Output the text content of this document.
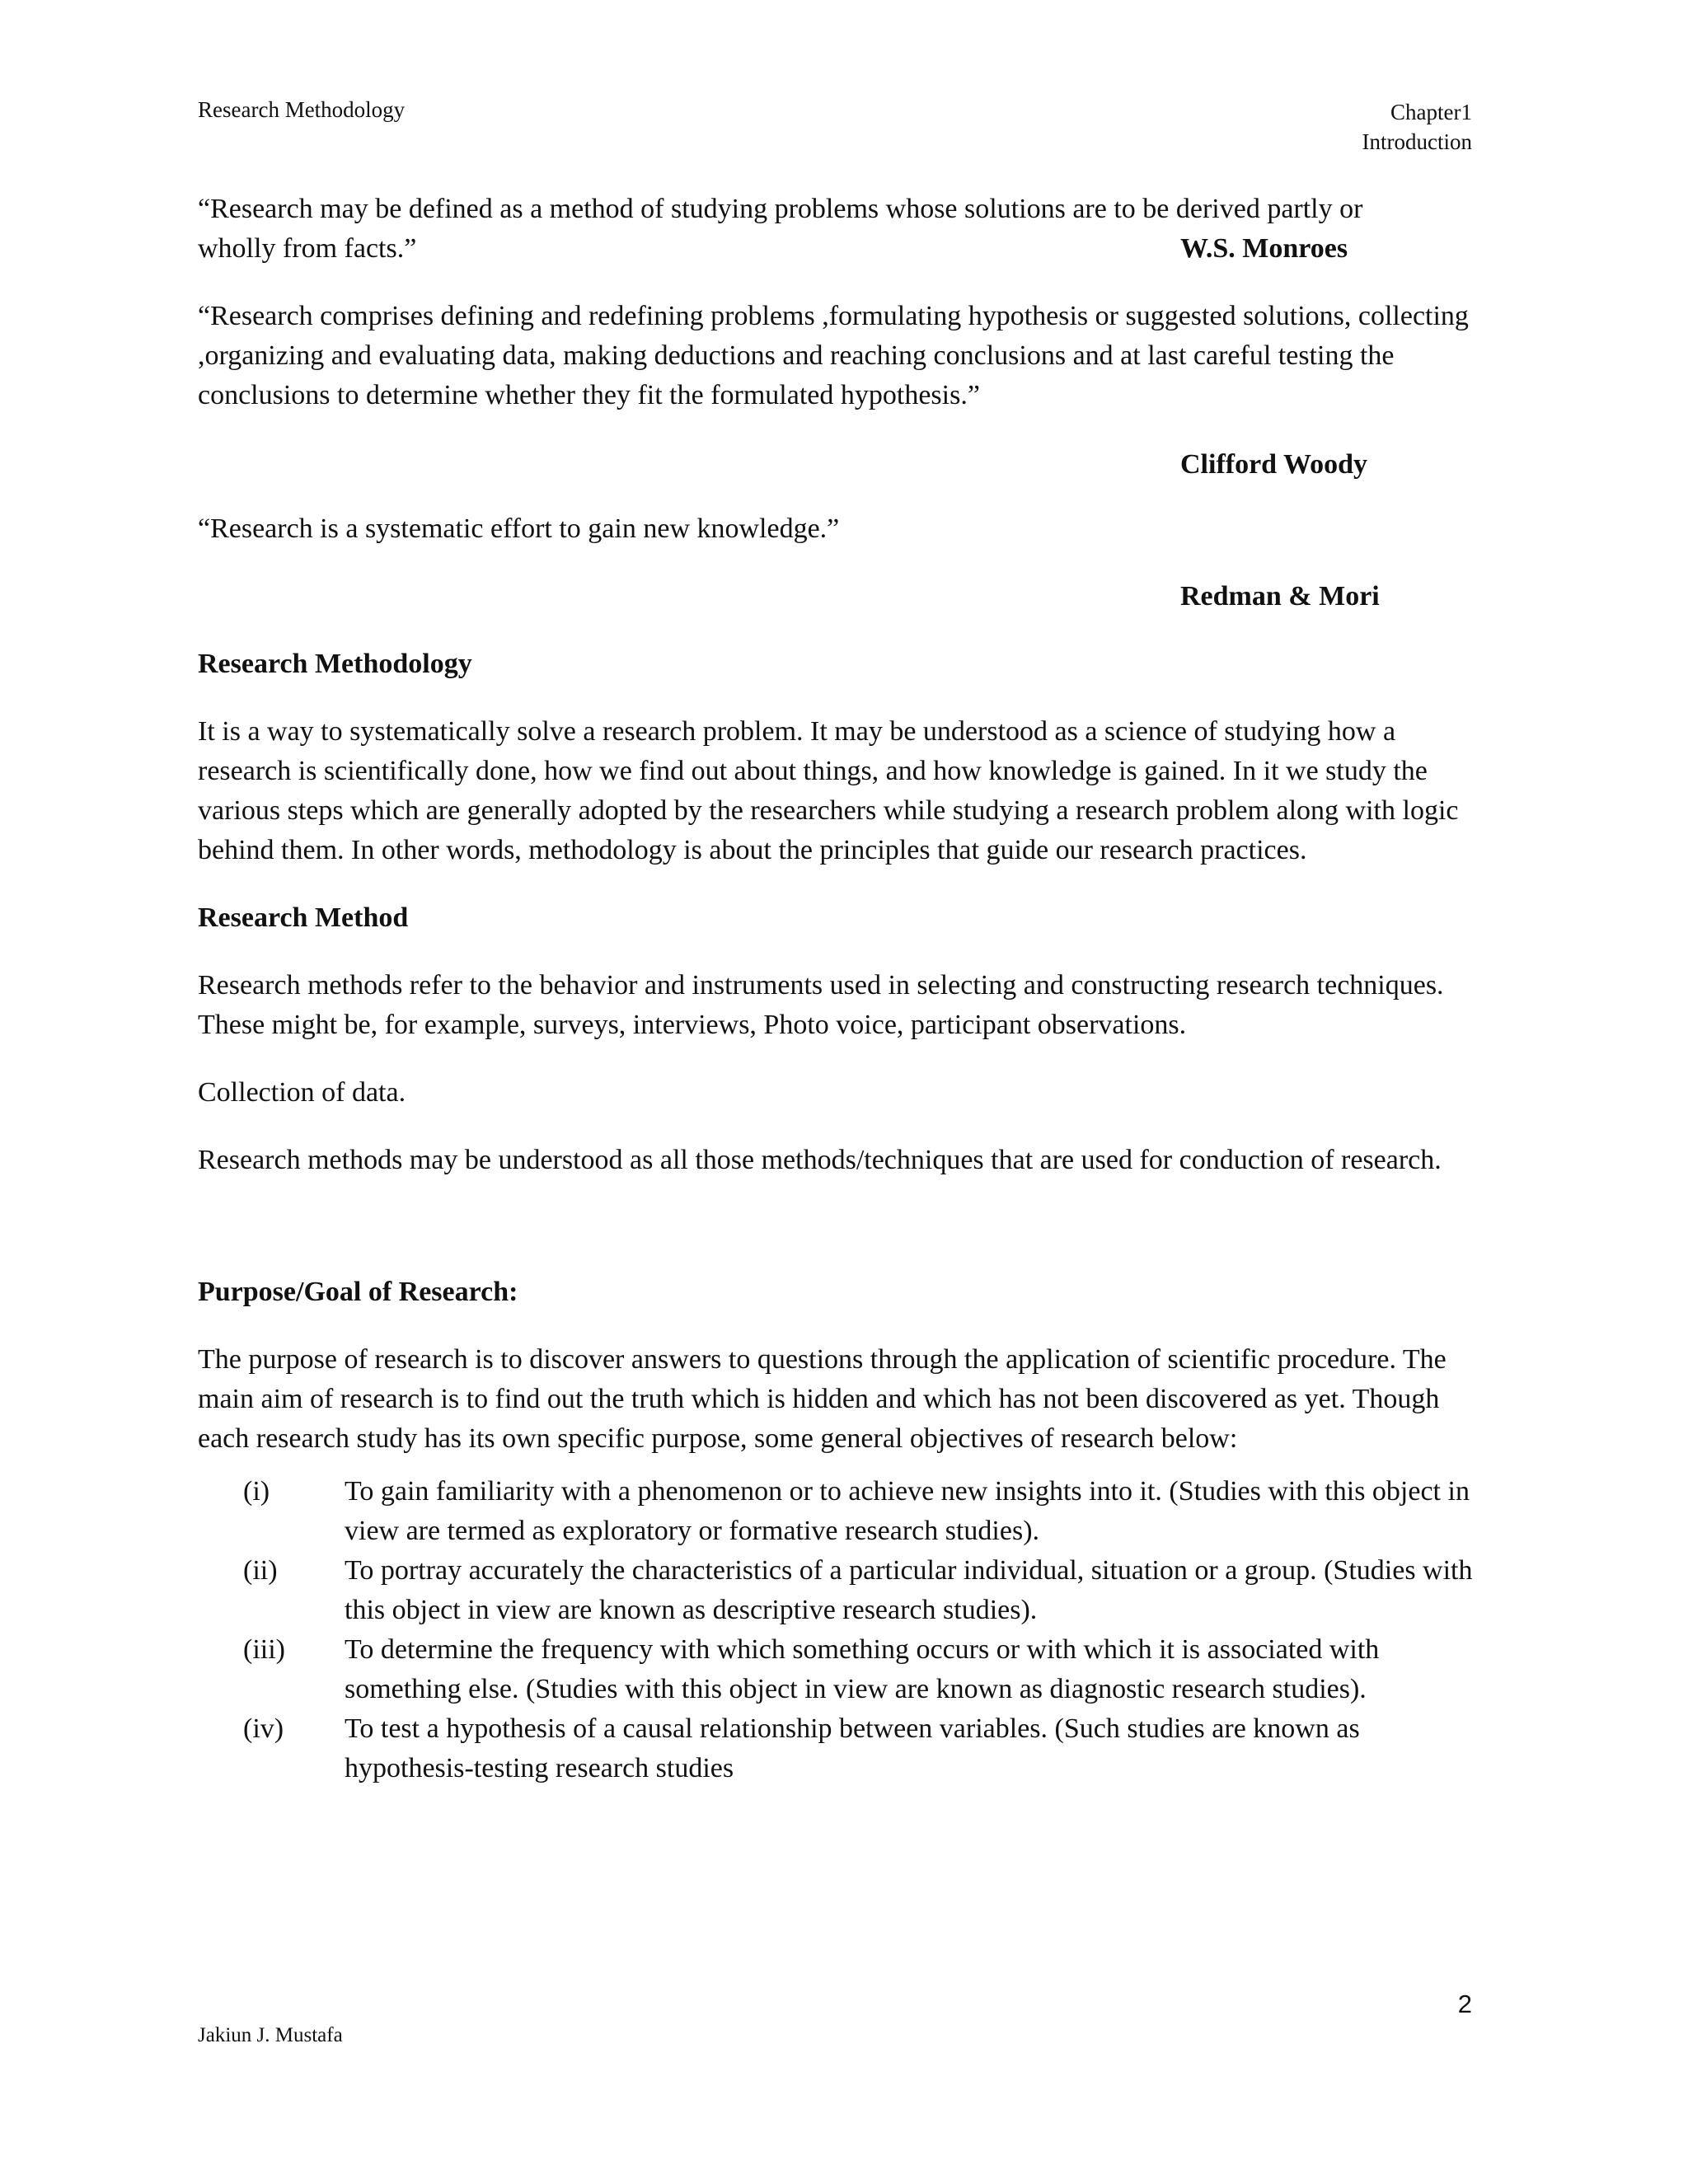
Research Methodology	Chapter1
Introduction

“Research may be defined as a method of studying problems whose solutions are to be derived partly or

wholly from facts.”	W.S. Monroes

“Research comprises defining and redefining problems ,formulating hypothesis or suggested solutions, collecting ,organizing and evaluating data, making deductions and reaching conclusions and at last careful testing the conclusions to determine whether they fit the formulated hypothesis.”

Clifford Woody

“Research is a systematic effort to gain new knowledge.”

Redman & Mori

Research Methodology

It is a way to systematically solve a research problem. It may be understood as a science of studying how a research is scientifically done, how we find out about things, and how knowledge is gained. In it we study the various steps which are generally adopted by the researchers while studying a research problem along with logic behind them. In other words, methodology is about the principles that guide our research practices.

Research Method

Research methods refer to the behavior and instruments used in selecting and constructing research techniques. These might be, for example, surveys, interviews, Photo voice, participant observations.

Collection of data.

Research methods may be understood as all those methods/techniques that are used for conduction of research.

Purpose/Goal of Research:

The purpose of research is to discover answers to questions through the application of scientific procedure. The main aim of research is to find out the truth which is hidden and which has not been discovered as yet. Though each research study has its own specific purpose, some general objectives of research below:

(i)	To gain familiarity with a phenomenon or to achieve new insights into it. (Studies with this object in view are termed as exploratory or formative research studies).
(ii)	To portray accurately the characteristics of a particular individual, situation or a group. (Studies with this object in view are known as descriptive research studies).
(iii)	To determine the frequency with which something occurs or with which it is associated with something else. (Studies with this object in view are known as diagnostic research studies).
(iv)	To test a hypothesis of a causal relationship between variables. (Such studies are known as hypothesis-testing research studies
2
Jakiun J. Mustafa
